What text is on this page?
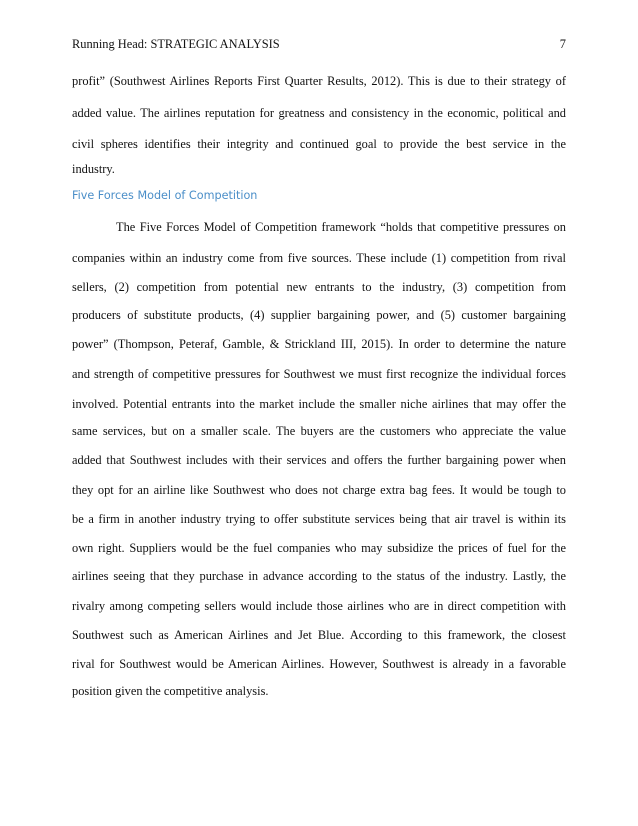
Running Head: STRATEGIC ANALYSIS	7
profit” (Southwest Airlines Reports First Quarter Results, 2012). This is due to their strategy of
added value. The airlines reputation for greatness and consistency in the economic, political and
civil spheres identifies their integrity and continued goal to provide the best service in the
industry.
Five Forces Model of Competition
The Five Forces Model of Competition framework “holds that competitive pressures on
companies within an industry come from five sources. These include (1) competition from rival
sellers, (2) competition from potential new entrants to the industry, (3) competition from
producers of substitute products, (4) supplier bargaining power, and (5) customer bargaining
power” (Thompson, Peteraf, Gamble, & Strickland III, 2015). In order to determine the nature
and strength of competitive pressures for Southwest we must first recognize the individual forces
involved. Potential entrants into the market include the smaller niche airlines that may offer the
same services, but on a smaller scale. The buyers are the customers who appreciate the value
added that Southwest includes with their services and offers the further bargaining power when
they opt for an airline like Southwest who does not charge extra bag fees. It would be tough to
be a firm in another industry trying to offer substitute services being that air travel is within its
own right. Suppliers would be the fuel companies who may subsidize the prices of fuel for the
airlines seeing that they purchase in advance according to the status of the industry. Lastly, the
rivalry among competing sellers would include those airlines who are in direct competition with
Southwest such as American Airlines and Jet Blue. According to this framework, the closest
rival for Southwest would be American Airlines. However, Southwest is already in a favorable
position given the competitive analysis.
